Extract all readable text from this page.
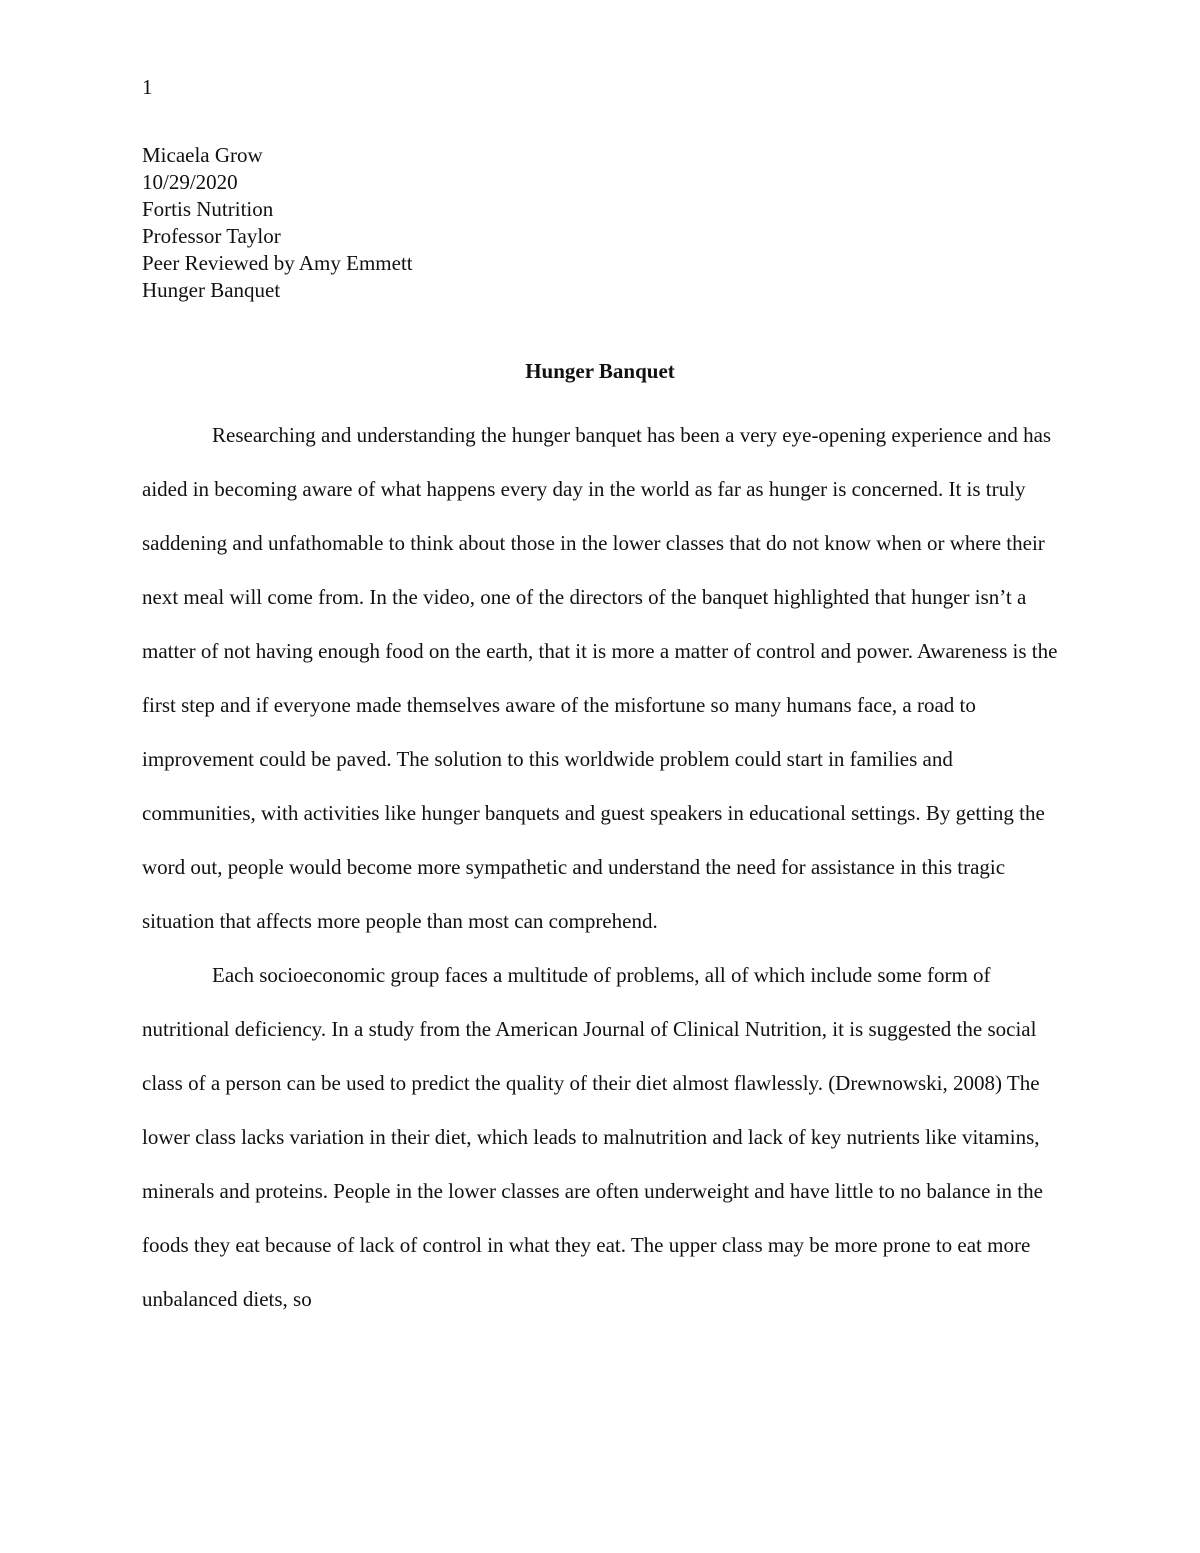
1

Micaela Grow
10/29/2020
Fortis Nutrition
Professor Taylor
Peer Reviewed by Amy Emmett
Hunger Banquet
Hunger Banquet

Researching and understanding the hunger banquet has been a very eye-opening experience and has aided in becoming aware of what happens every day in the world as far as hunger is concerned. It is truly saddening and unfathomable to think about those in the lower classes that do not know when or where their next meal will come from. In the video, one of the directors of the banquet highlighted that hunger isn’t a matter of not having enough food on the earth, that it is more a matter of control and power. Awareness is the first step and if everyone made themselves aware of the misfortune so many humans face, a road to improvement could be paved. The solution to this worldwide problem could start in families and communities, with activities like hunger banquets and guest speakers in educational settings. By getting the word out, people would become more sympathetic and understand the need for assistance in this tragic situation that affects more people than most can comprehend.

Each socioeconomic group faces a multitude of problems, all of which include some form of nutritional deficiency. In a study from the American Journal of Clinical Nutrition, it is suggested the social class of a person can be used to predict the quality of their diet almost flawlessly. (Drewnowski, 2008) The lower class lacks variation in their diet, which leads to malnutrition and lack of key nutrients like vitamins, minerals and proteins. People in the lower classes are often underweight and have little to no balance in the foods they eat because of lack of control in what they eat. The upper class may be more prone to eat more unbalanced diets, so
